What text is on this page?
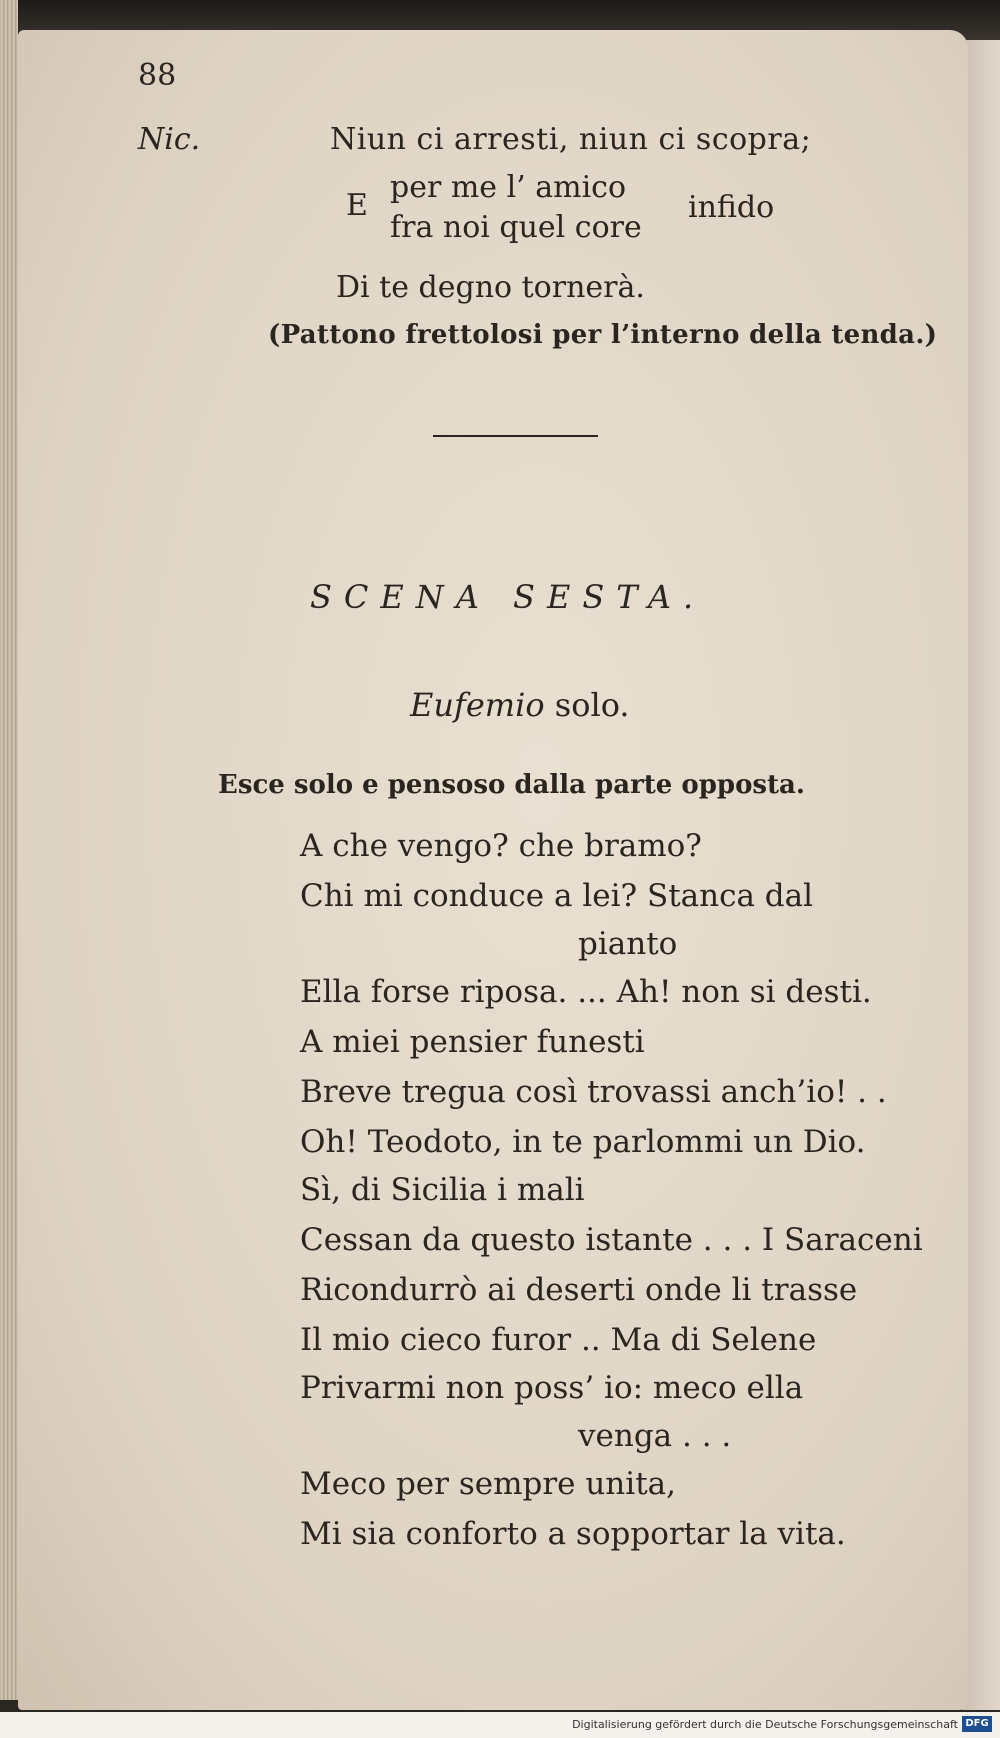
88
Nic.	Niun ci arresti, niun ci scopra;
E
per me l’ amico
fra noi quel core
infido
Di te degno tornerà.
(Pattono frettolosi per l’interno della tenda.)
SCENA SESTA.
Eufemio solo.
Esce solo e pensoso dalla parte opposta.
A che vengo? che bramo?
Chi mi conduce a lei? Stanca dal
pianto
Ella forse riposa. ... Ah! non si desti.
A miei pensier funesti
Breve tregua così trovassi anch’io! . .
Oh! Teodoto, in te parlommi un Dio.
Sì, di Sicilia i mali
Cessan da questo istante . . . I Saraceni
Ricondurrò ai deserti onde li trasse
Il mio cieco furor .. Ma di Selene
Privarmi non poss’ io: meco ella
venga . . .
Meco per sempre unita,
Mi sia conforto a sopportar la vita.
Digitalisierung gefördert durch die Deutsche Forschungsgemeinschaft DFG
